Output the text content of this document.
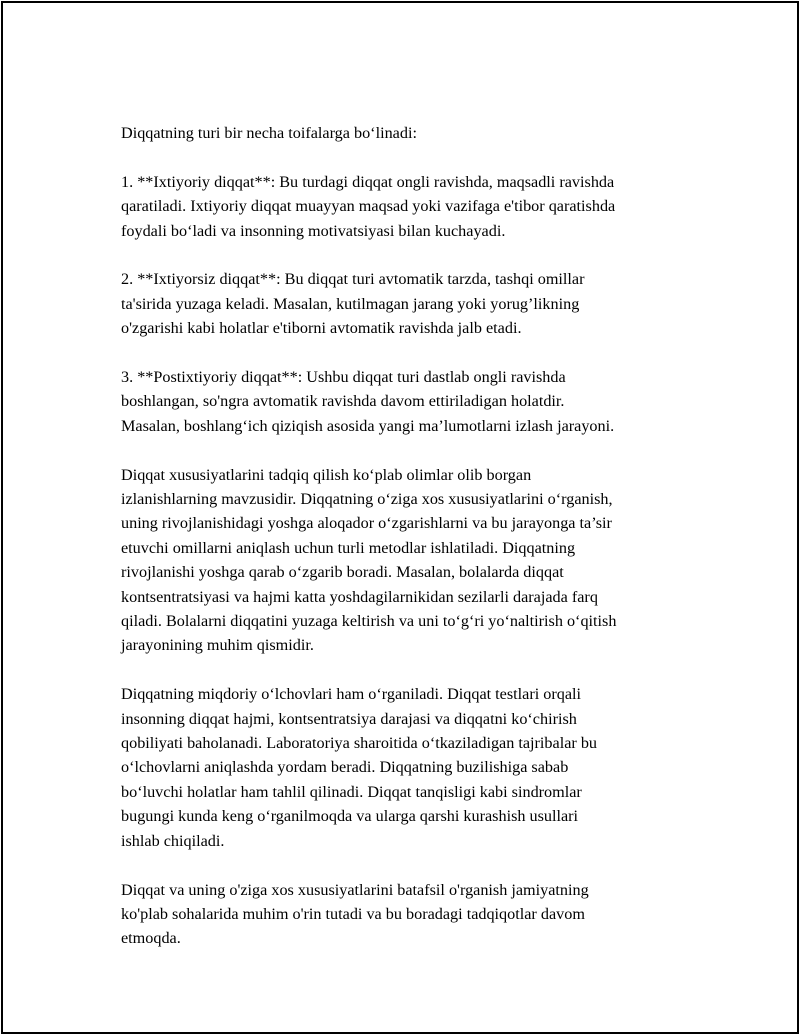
Diqqatning turi bir necha toifalarga bo‘linadi:

1. **Ixtiyoriy diqqat**: Bu turdagi diqqat ongli ravishda, maqsadli ravishda
qaratiladi. Ixtiyoriy diqqat muayyan maqsad yoki vazifaga e'tibor qaratishda
foydali bo‘ladi va insonning motivatsiyasi bilan kuchayadi.

2. **Ixtiyorsiz diqqat**: Bu diqqat turi avtomatik tarzda, tashqi omillar
ta'sirida yuzaga keladi. Masalan, kutilmagan jarang yoki yorug’likning
o'zgarishi kabi holatlar e'tiborni avtomatik ravishda jalb etadi.

3. **Postixtiyoriy diqqat**: Ushbu diqqat turi dastlab ongli ravishda
boshlangan, so'ngra avtomatik ravishda davom ettiriladigan holatdir.
Masalan, boshlang‘ich qiziqish asosida yangi ma’lumotlarni izlash jarayoni.

Diqqat xususiyatlarini tadqiq qilish ko‘plab olimlar olib borgan
izlanishlarning mavzusidir. Diqqatning o‘ziga xos xususiyatlarini o‘rganish,
uning rivojlanishidagi yoshga aloqador o‘zgarishlarni va bu jarayonga ta’sir
etuvchi omillarni aniqlash uchun turli metodlar ishlatiladi. Diqqatning
rivojlanishi yoshga qarab o‘zgarib boradi. Masalan, bolalarda diqqat
kontsentratsiyasi va hajmi katta yoshdagilarnikidan sezilarli darajada farq
qiladi. Bolalarni diqqatini yuzaga keltirish va uni to‘g‘ri yo‘naltirish o‘qitish
jarayonining muhim qismidir.

Diqqatning miqdoriy o‘lchovlari ham o‘rganiladi. Diqqat testlari orqali
insonning diqqat hajmi, kontsentratsiya darajasi va diqqatni ko‘chirish
qobiliyati baholanadi. Laboratoriya sharoitida o‘tkaziladigan tajribalar bu
o‘lchovlarni aniqlashda yordam beradi. Diqqatning buzilishiga sabab
bo‘luvchi holatlar ham tahlil qilinadi. Diqqat tanqisligi kabi sindromlar
bugungi kunda keng o‘rganilmoqda va ularga qarshi kurashish usullari
ishlab chiqiladi.

Diqqat va uning o'ziga xos xususiyatlarini batafsil o'rganish jamiyatning
ko'plab sohalarida muhim o'rin tutadi va bu boradagi tadqiqotlar davom
etmoqda.
